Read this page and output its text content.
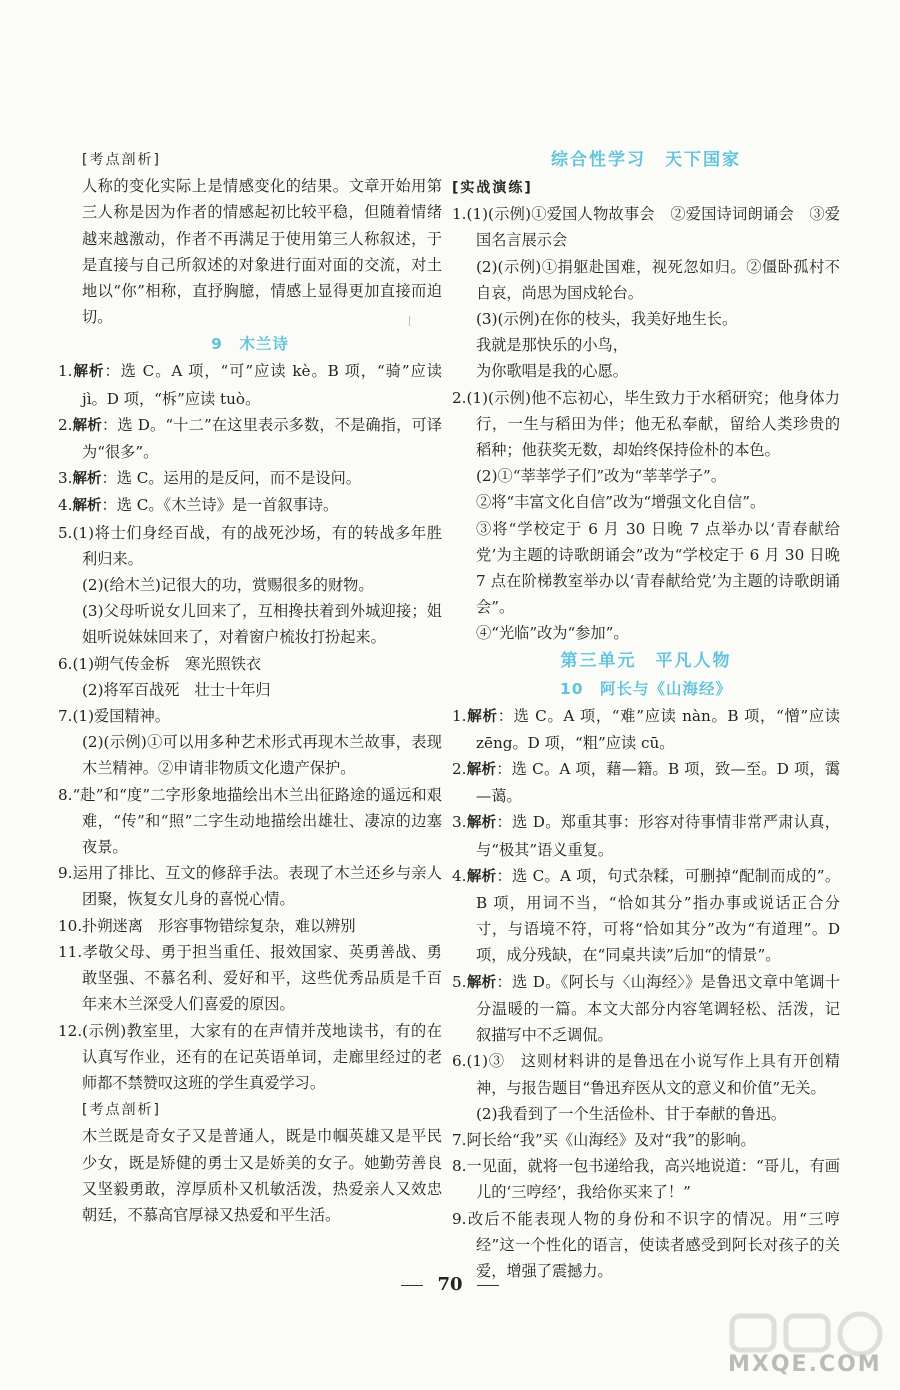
[考点剖析]

人称的变化实际上是情感变化的结果。文章开始用第三人称是因为作者的情感起初比较平稳，但随着情绪越来越激动，作者不再满足于使用第三人称叙述，于是直接与自己所叙述的对象进行面对面的交流，对土地以“你”相称，直抒胸臆，情感上显得更加直接而迫切。

9　木兰诗

1.解析：选 C。A 项，“可”应读 kè。B 项，“骑”应读 jì。D 项，“柝”应读 tuò。

2.解析：选 D。“十二”在这里表示多数，不是确指，可译为“很多”。

3.解析：选 C。运用的是反问，而不是设问。

4.解析：选 C。《木兰诗》是一首叙事诗。

5.(1)将士们身经百战，有的战死沙场，有的转战多年胜利归来。

(2)(给木兰)记很大的功，赏赐很多的财物。

(3)父母听说女儿回来了，互相搀扶着到外城迎接；姐姐听说妹妹回来了，对着窗户梳妆打扮起来。

6.(1)朔气传金柝　寒光照铁衣

(2)将军百战死　壮士十年归

7.(1)爱国精神。

(2)(示例)①可以用多种艺术形式再现木兰故事，表现木兰精神。②申请非物质文化遗产保护。

8.“赴”和“度”二字形象地描绘出木兰出征路途的遥远和艰难，“传”和“照”二字生动地描绘出雄壮、凄凉的边塞夜景。

9.运用了排比、互文的修辞手法。表现了木兰还乡与亲人团聚，恢复女儿身的喜悦心情。

10.扑朔迷离　形容事物错综复杂，难以辨别

11.孝敬父母、勇于担当重任、报效国家、英勇善战、勇敢坚强、不慕名利、爱好和平，这些优秀品质是千百年来木兰深受人们喜爱的原因。

12.(示例)教室里，大家有的在声情并茂地读书，有的在认真写作业，还有的在记英语单词，走廊里经过的老师都不禁赞叹这班的学生真爱学习。

[考点剖析]

木兰既是奇女子又是普通人，既是巾帼英雄又是平民少女，既是矫健的勇士又是娇美的女子。她勤劳善良又坚毅勇敢，淳厚质朴又机敏活泼，热爱亲人又效忠朝廷，不慕高官厚禄又热爱和平生活。

综合性学习　天下国家

[实战演练]

1.(1)(示例)①爱国人物故事会　②爱国诗词朗诵会　③爱国名言展示会

(2)(示例)①捐躯赴国难，视死忽如归。②僵卧孤村不自哀，尚思为国戍轮台。

(3)(示例)在你的枝头，我美好地生长。

我就是那快乐的小鸟，

为你歌唱是我的心愿。

2.(1)(示例)他不忘初心，毕生致力于水稻研究；他身体力行，一生与稻田为伴；他无私奉献，留给人类珍贵的稻种；他获奖无数，却始终保持俭朴的本色。

(2)①“莘莘学子们”改为“莘莘学子”。

②将“丰富文化自信”改为“增强文化自信”。

③将“学校定于 6 月 30 日晚 7 点举办以‘青春献给党’为主题的诗歌朗诵会”改为“学校定于 6 月 30 日晚 7 点在阶梯教室举办以‘青春献给党’为主题的诗歌朗诵会”。

④“光临”改为“参加”。

第三单元　平凡人物

10　阿长与《山海经》

1.解析：选 C。A 项，“难”应读 nàn。B 项，“憎”应读 zēng。D 项，“粗”应读 cū。

2.解析：选 C。A 项，藉—籍。B 项，致—至。D 项，霭—蔼。

3.解析：选 D。郑重其事：形容对待事情非常严肃认真，与“极其”语义重复。

4.解析：选 C。A 项，句式杂糅，可删掉“配制而成的”。B 项，用词不当，“恰如其分”指办事或说话正合分寸，与语境不符，可将“恰如其分”改为“有道理”。D 项，成分残缺，在“同桌共读”后加“的情景”。

5.解析：选 D。《阿长与〈山海经〉》是鲁迅文章中笔调十分温暖的一篇。本文大部分内容笔调轻松、活泼，记叙描写中不乏调侃。

6.(1)③　这则材料讲的是鲁迅在小说写作上具有开创精神，与报告题目“鲁迅弃医从文的意义和价值”无关。

(2)我看到了一个生活俭朴、甘于奉献的鲁迅。

7.阿长给“我”买《山海经》及对“我”的影响。

8.一见面，就将一包书递给我，高兴地说道：“哥儿，有画儿的‘三哼经’，我给你买来了！”

9.改后不能表现人物的身份和不识字的情况。用“三哼经”这一个性化的语言，使读者感受到阿长对孩子的关爱，增强了震撼力。

70
MXQE.COM
